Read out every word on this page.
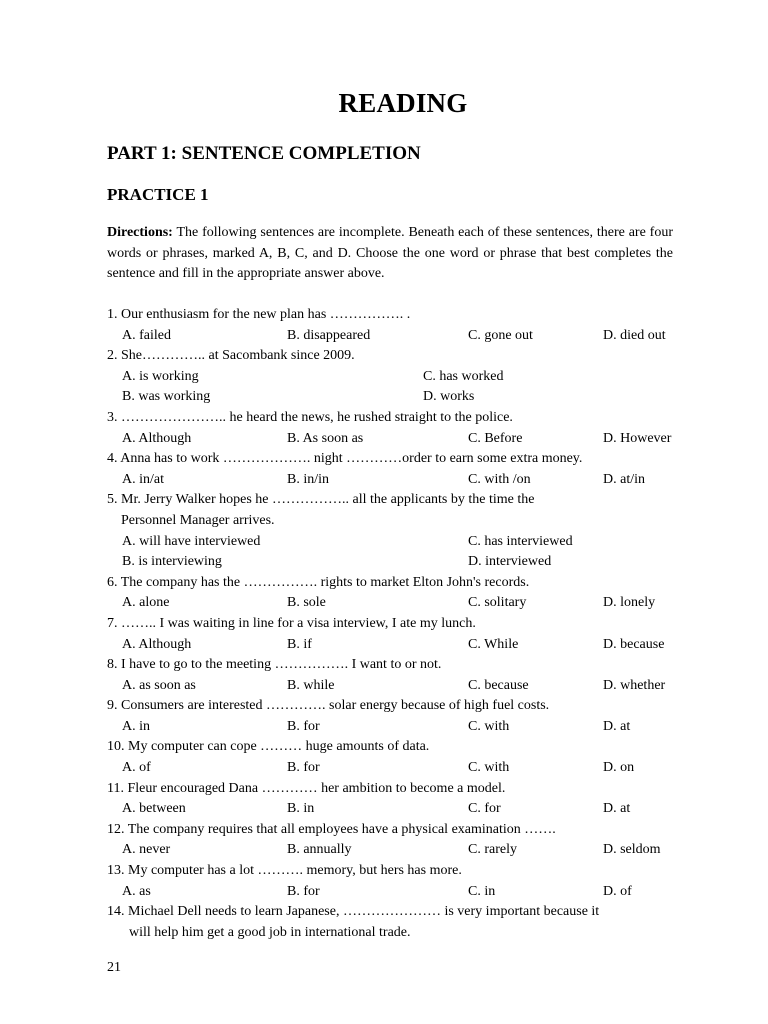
READING
PART 1: SENTENCE COMPLETION
PRACTICE 1
Directions: The following sentences are incomplete. Beneath each of these sentences, there are four words or phrases, marked A, B, C, and D. Choose the one word or phrase that best completes the sentence and fill in the appropriate answer above.
1. Our enthusiasm for the new plan has ……………. .
A. failed	B. disappeared	C. gone out	D. died out
2. She………….. at Sacombank since 2009.
A. is working	C. has worked
B. was working	D. works
3. ………………….. he heard the news, he rushed straight to the police.
A. Although	B. As soon as	C. Before	D. However
4. Anna has to work ………………. night …………order to earn some extra money.
A. in/at	B. in/in	C. with /on	D. at/in
5. Mr. Jerry Walker hopes he …………….. all the applicants by the time the
Personnel Manager arrives.
A. will have interviewed	C. has interviewed
B. is interviewing	D. interviewed
6. The company has the ……………. rights to market Elton John's records.
A. alone	B. sole	C. solitary	D. lonely
7. …….. I was waiting in line for a visa interview, I ate my lunch.
A. Although	B. if	C. While	D. because
8. I have to go to the meeting ……………. I want to or not.
A. as soon as	B. while	C. because	D. whether
9. Consumers are interested …………. solar energy because of high fuel costs.
A. in	B. for	C. with	D. at
10. My computer can cope ……… huge amounts of data.
A. of	B. for	C. with	D. on
11. Fleur encouraged Dana ………… her ambition to become a model.
A. between	B. in	C. for	D. at
12. The company requires that all employees have a physical examination …….
A. never	B. annually	C. rarely	D. seldom
13. My computer has a lot ………. memory, but hers has more.
A. as	B. for	C. in	D. of
14. Michael Dell needs to learn Japanese, ………………… is very important because it
will help him get a good job in international trade.
21
